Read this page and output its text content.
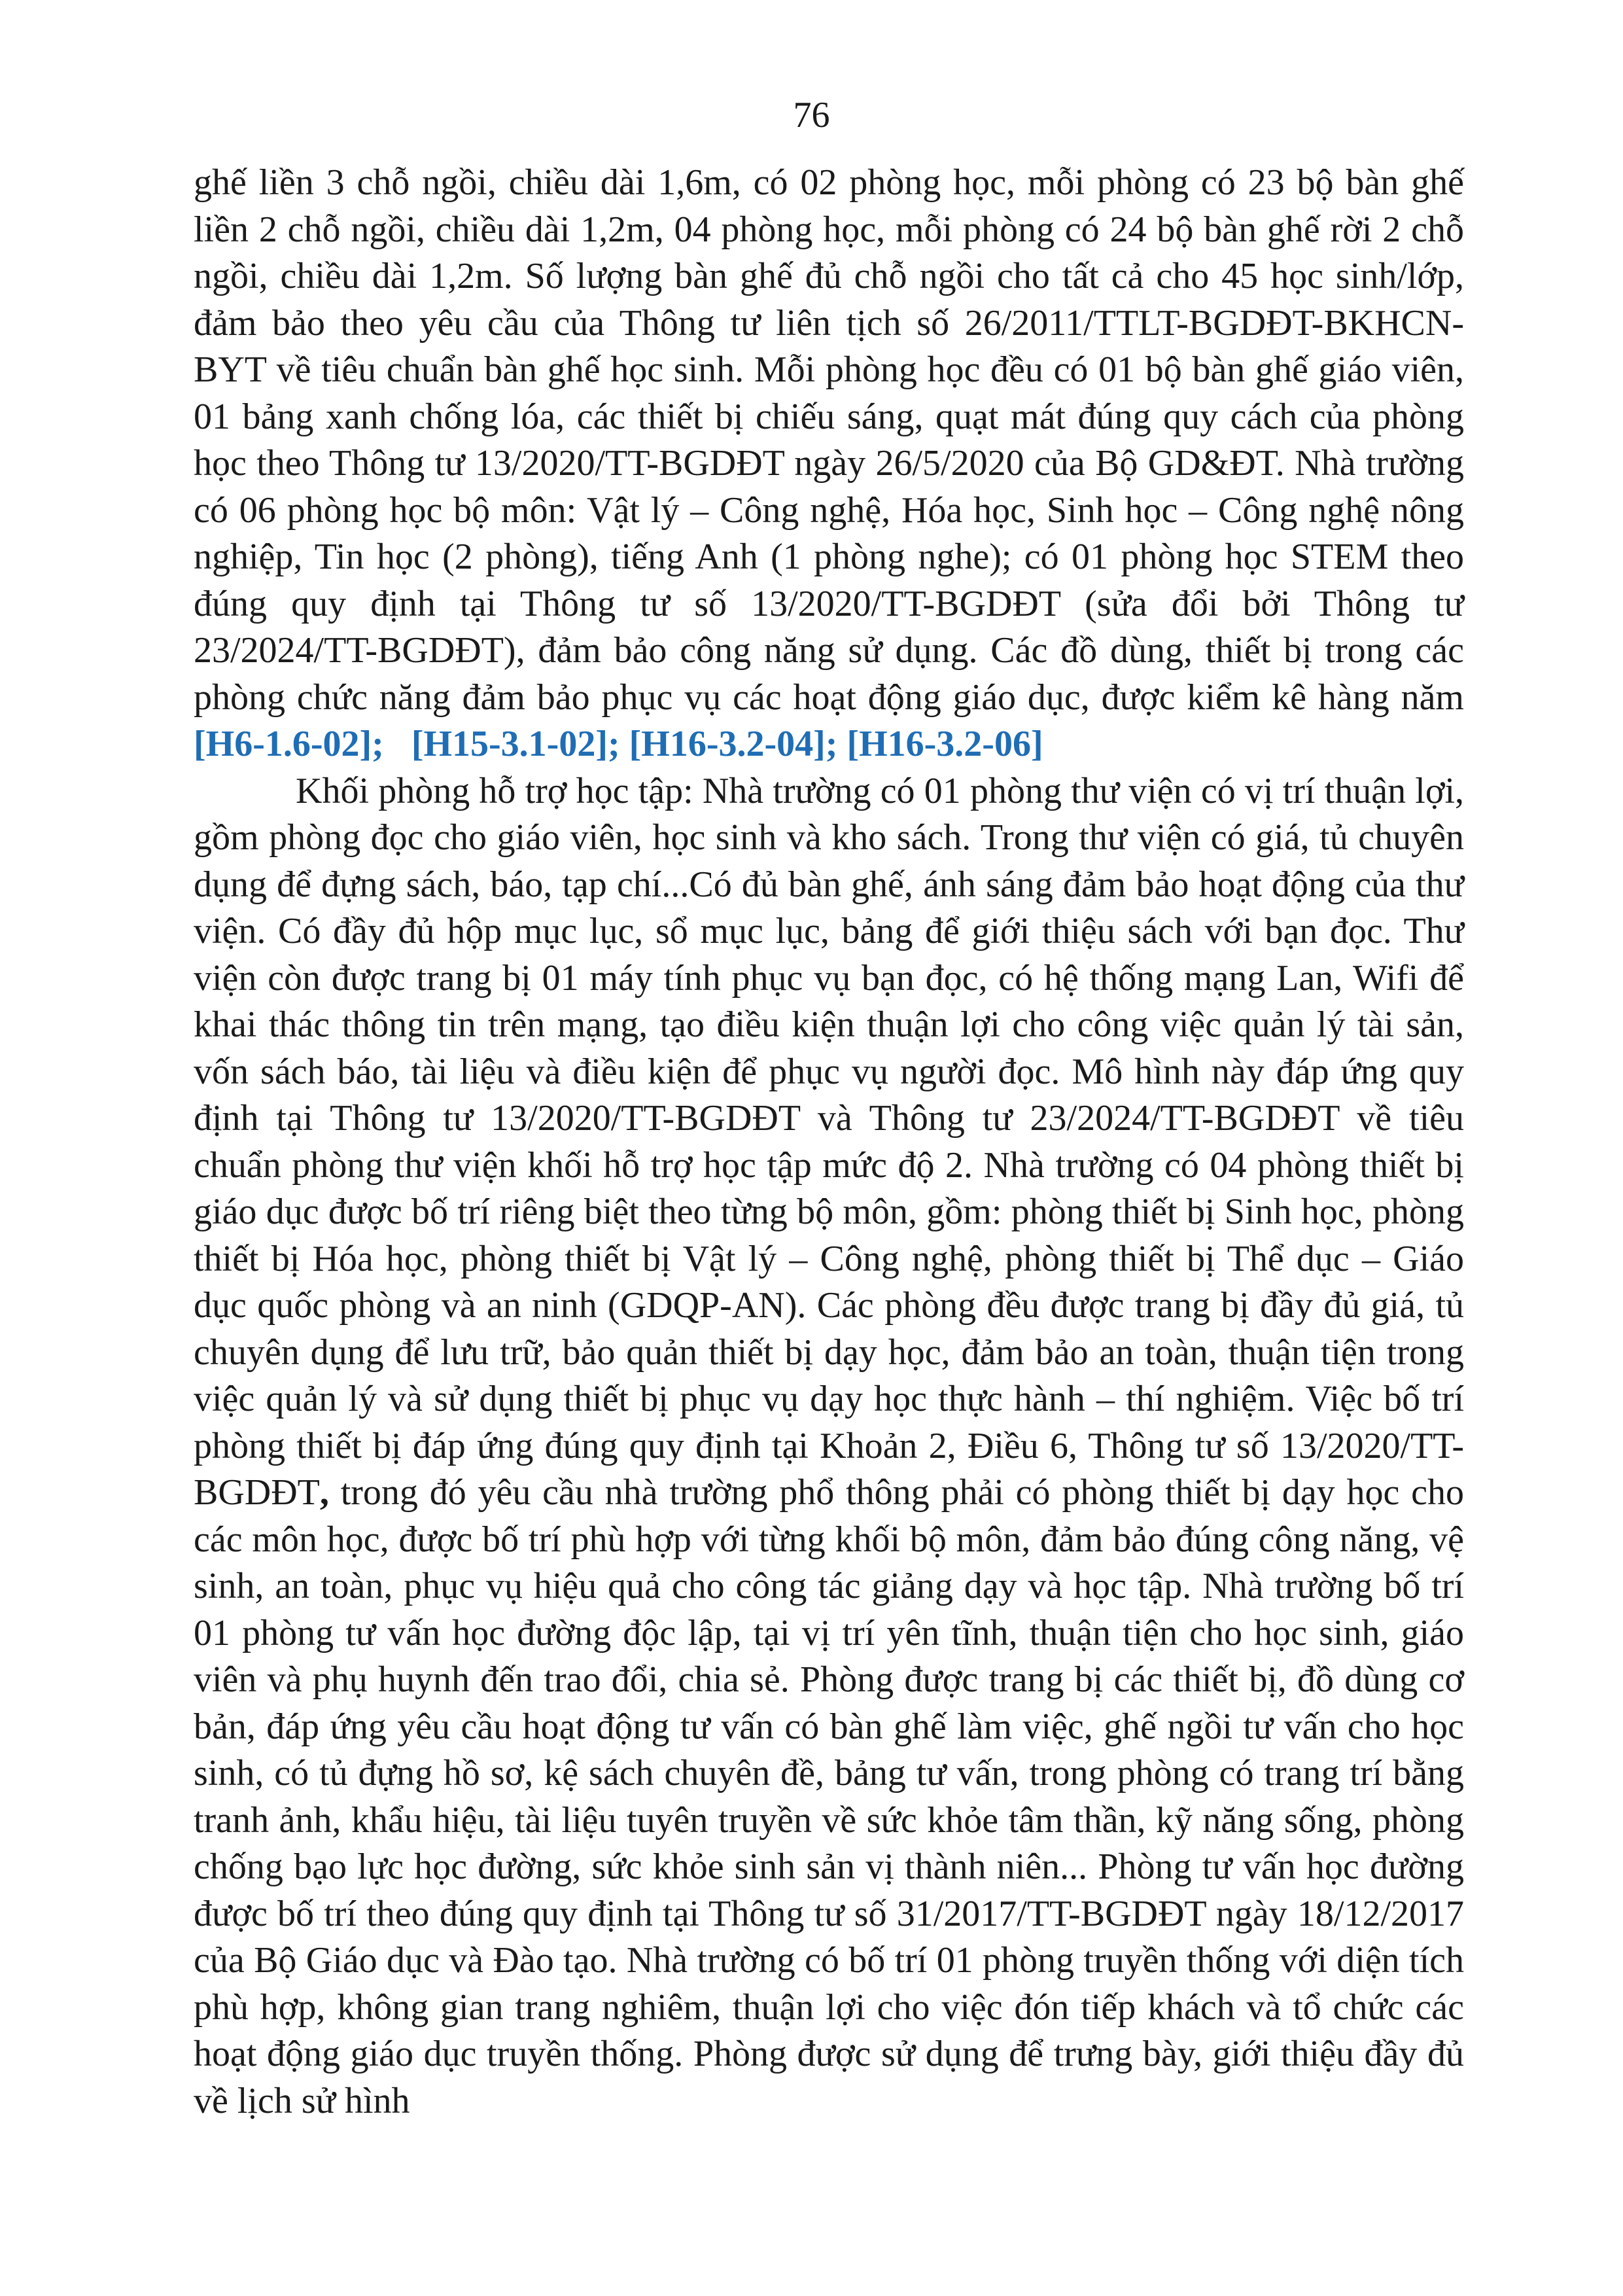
76

ghế liền 3 chỗ ngồi, chiều dài 1,6m, có 02 phòng học, mỗi phòng có 23 bộ bàn ghế liền 2 chỗ ngồi, chiều dài 1,2m, 04 phòng học, mỗi phòng có 24 bộ bàn ghế rời 2 chỗ ngồi, chiều dài 1,2m. Số lượng bàn ghế đủ chỗ ngồi cho tất cả cho 45 học sinh/lớp, đảm bảo theo yêu cầu của Thông tư liên tịch số 26/2011/TTLT-BGDĐT-BKHCN-BYT về tiêu chuẩn bàn ghế học sinh. Mỗi phòng học đều có 01 bộ bàn ghế giáo viên, 01 bảng xanh chống lóa, các thiết bị chiếu sáng, quạt mát đúng quy cách của phòng học theo Thông tư 13/2020/TT-BGDĐT ngày 26/5/2020 của Bộ GD&ĐT. Nhà trường có 06 phòng học bộ môn: Vật lý – Công nghệ, Hóa học, Sinh học – Công nghệ nông nghiệp, Tin học (2 phòng), tiếng Anh (1 phòng nghe); có 01 phòng học STEM theo đúng quy định tại Thông tư số 13/2020/TT-BGDĐT (sửa đổi bởi Thông tư 23/2024/TT-BGDĐT), đảm bảo công năng sử dụng. Các đồ dùng, thiết bị trong các phòng chức năng đảm bảo phục vụ các hoạt động giáo dục, được kiểm kê hàng năm [H6-1.6-02]; [H15-3.1-02]; [H16-3.2-04]; [H16-3.2-06]

Khối phòng hỗ trợ học tập: Nhà trường có 01 phòng thư viện có vị trí thuận lợi, gồm phòng đọc cho giáo viên, học sinh và kho sách. Trong thư viện có giá, tủ chuyên dụng để đựng sách, báo, tạp chí...Có đủ bàn ghế, ánh sáng đảm bảo hoạt động của thư viện. Có đầy đủ hộp mục lục, sổ mục lục, bảng để giới thiệu sách với bạn đọc. Thư viện còn được trang bị 01 máy tính phục vụ bạn đọc, có hệ thống mạng Lan, Wifi để khai thác thông tin trên mạng, tạo điều kiện thuận lợi cho công việc quản lý tài sản, vốn sách báo, tài liệu và điều kiện để phục vụ người đọc. Mô hình này đáp ứng quy định tại Thông tư 13/2020/TT-BGDĐT và Thông tư 23/2024/TT-BGDĐT về tiêu chuẩn phòng thư viện khối hỗ trợ học tập mức độ 2. Nhà trường có 04 phòng thiết bị giáo dục được bố trí riêng biệt theo từng bộ môn, gồm: phòng thiết bị Sinh học, phòng thiết bị Hóa học, phòng thiết bị Vật lý – Công nghệ, phòng thiết bị Thể dục – Giáo dục quốc phòng và an ninh (GDQP-AN). Các phòng đều được trang bị đầy đủ giá, tủ chuyên dụng để lưu trữ, bảo quản thiết bị dạy học, đảm bảo an toàn, thuận tiện trong việc quản lý và sử dụng thiết bị phục vụ dạy học thực hành – thí nghiệm. Việc bố trí phòng thiết bị đáp ứng đúng quy định tại Khoản 2, Điều 6, Thông tư số 13/2020/TT-BGDĐT, trong đó yêu cầu nhà trường phổ thông phải có phòng thiết bị dạy học cho các môn học, được bố trí phù hợp với từng khối bộ môn, đảm bảo đúng công năng, vệ sinh, an toàn, phục vụ hiệu quả cho công tác giảng dạy và học tập. Nhà trường bố trí 01 phòng tư vấn học đường độc lập, tại vị trí yên tĩnh, thuận tiện cho học sinh, giáo viên và phụ huynh đến trao đổi, chia sẻ. Phòng được trang bị các thiết bị, đồ dùng cơ bản, đáp ứng yêu cầu hoạt động tư vấn có bàn ghế làm việc, ghế ngồi tư vấn cho học sinh, có tủ đựng hồ sơ, kệ sách chuyên đề, bảng tư vấn, trong phòng có trang trí bằng tranh ảnh, khẩu hiệu, tài liệu tuyên truyền về sức khỏe tâm thần, kỹ năng sống, phòng chống bạo lực học đường, sức khỏe sinh sản vị thành niên... Phòng tư vấn học đường được bố trí theo đúng quy định tại Thông tư số 31/2017/TT-BGDĐT ngày 18/12/2017 của Bộ Giáo dục và Đào tạo. Nhà trường có bố trí 01 phòng truyền thống với diện tích phù hợp, không gian trang nghiêm, thuận lợi cho việc đón tiếp khách và tổ chức các hoạt động giáo dục truyền thống. Phòng được sử dụng để trưng bày, giới thiệu đầy đủ về lịch sử hình
